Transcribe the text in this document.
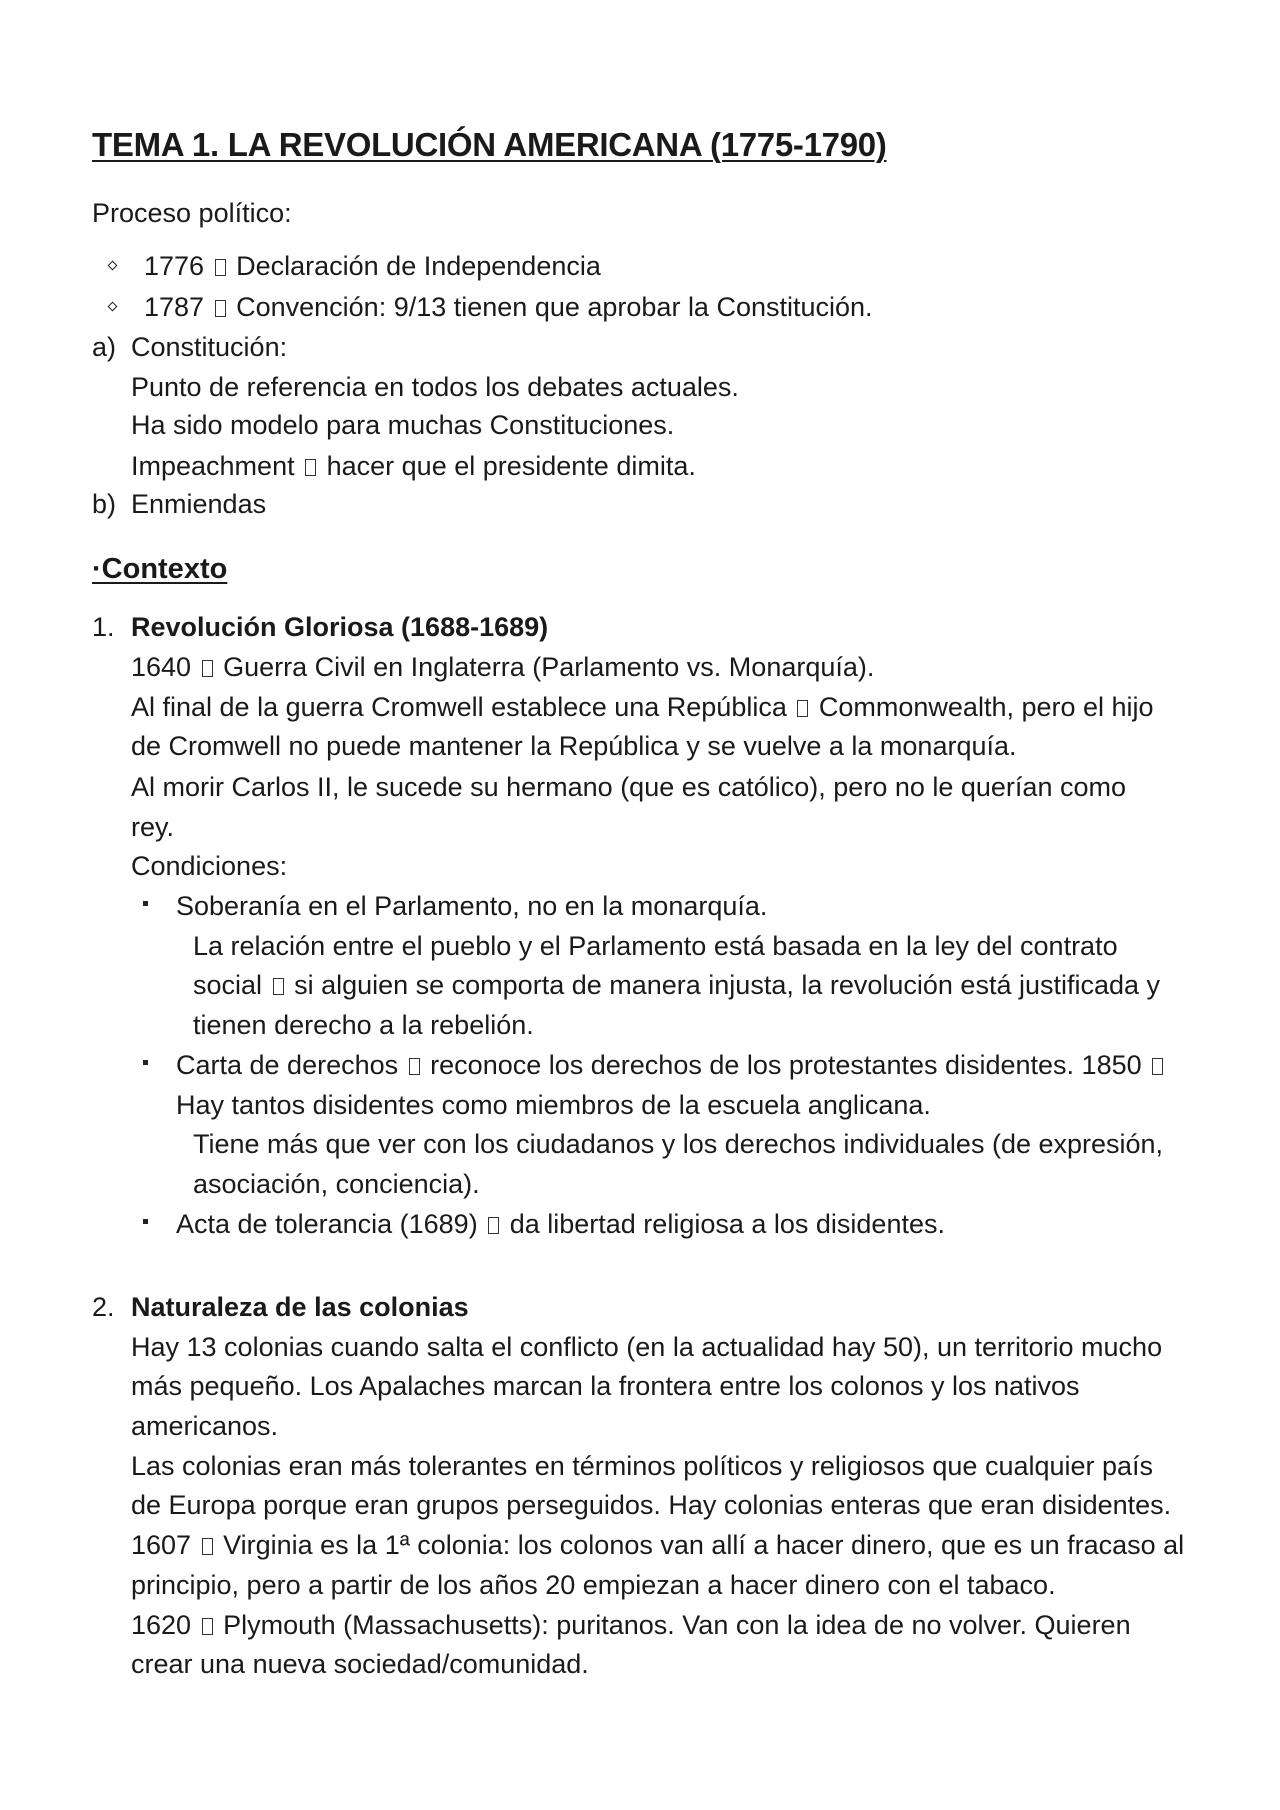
TEMA 1. LA REVOLUCIÓN AMERICANA (1775-1790)
Proceso político:
1776 Declaración de Independencia
1787 Convención: 9/13 tienen que aprobar la Constitución.
a) Constitución:
Punto de referencia en todos los debates actuales.
Ha sido modelo para muchas Constituciones.
Impeachment hacer que el presidente dimita.
b) Enmiendas
·Contexto
1. Revolución Gloriosa (1688-1689)
1640 Guerra Civil en Inglaterra (Parlamento vs. Monarquía).
Al final de la guerra Cromwell establece una República Commonwealth, pero el hijo
de Cromwell no puede mantener la República y se vuelve a la monarquía.
Al morir Carlos II, le sucede su hermano (que es católico), pero no le querían como
rey.
Condiciones:
Soberanía en el Parlamento, no en la monarquía.
La relación entre el pueblo y el Parlamento está basada en la ley del contrato
social si alguien se comporta de manera injusta, la revolución está justificada y
tienen derecho a la rebelión.
Carta de derechos reconoce los derechos de los protestantes disidentes. 1850
Hay tantos disidentes como miembros de la escuela anglicana.
Tiene más que ver con los ciudadanos y los derechos individuales (de expresión,
asociación, conciencia).
Acta de tolerancia (1689) da libertad religiosa a los disidentes.
2. Naturaleza de las colonias
Hay 13 colonias cuando salta el conflicto (en la actualidad hay 50), un territorio mucho
más pequeño. Los Apalaches marcan la frontera entre los colonos y los nativos
americanos.
Las colonias eran más tolerantes en términos políticos y religiosos que cualquier país
de Europa porque eran grupos perseguidos. Hay colonias enteras que eran disidentes.
1607 Virginia es la 1ª colonia: los colonos van allí a hacer dinero, que es un fracaso al
principio, pero a partir de los años 20 empiezan a hacer dinero con el tabaco.
1620 Plymouth (Massachusetts): puritanos. Van con la idea de no volver. Quieren
crear una nueva sociedad/comunidad.
